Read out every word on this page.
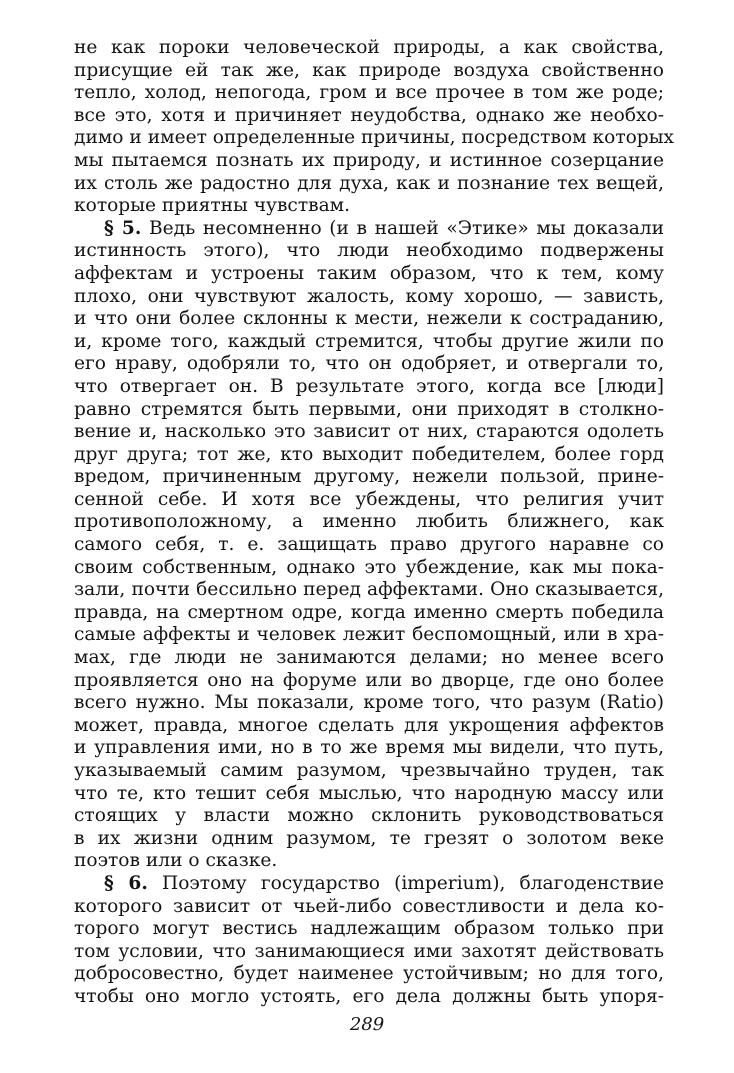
не как пороки человеческой природы, а как свойства,
присущие ей так же, как природе воздуха свойственно
тепло, холод, непогода, гром и все прочее в том же роде;
все это, хотя и причиняет неудобства, однако же необхо-
димо и имеет определенные причины, посредством которых
мы пытаемся познать их природу, и истинное созерцание
их столь же радостно для духа, как и познание тех вещей,
которые приятны чувствам.
§ 5. Ведь несомненно (и в нашей «Этике» мы доказали
истинность этого), что люди необходимо подвержены
аффектам и устроены таким образом, что к тем, кому
плохо, они чувствуют жалость, кому хорошо, — зависть,
и что они более склонны к мести, нежели к состраданию,
и, кроме того, каждый стремится, чтобы другие жили по
его нраву, одобряли то, что он одобряет, и отвергали то,
что отвергает он. В результате этого, когда все [люди]
равно стремятся быть первыми, они приходят в столкно-
вение и, насколько это зависит от них, стараются одолеть
друг друга; тот же, кто выходит победителем, более горд
вредом, причиненным другому, нежели пользой, прине-
сенной себе. И хотя все убеждены, что религия учит
противоположному, а именно любить ближнего, как
самого себя, т. е. защищать право другого наравне со
своим собственным, однако это убеждение, как мы пока-
зали, почти бессильно перед аффектами. Оно сказывается,
правда, на смертном одре, когда именно смерть победила
самые аффекты и человек лежит беспомощный, или в хра-
мах, где люди не занимаются делами; но менее всего
проявляется оно на форуме или во дворце, где оно более
всего нужно. Мы показали, кроме того, что разум (Ratio)
может, правда, многое сделать для укрощения аффектов
и управления ими, но в то же время мы видели, что путь,
указываемый самим разумом, чрезвычайно труден, так
что те, кто тешит себя мыслью, что народную массу или
стоящих у власти можно склонить руководствоваться
в их жизни одним разумом, те грезят о золотом веке
поэтов или о сказке.
§ 6. Поэтому государство (imperium), благоденствие
которого зависит от чьей-либо совестливости и дела ко-
торого могут вестись надлежащим образом только при
том условии, что занимающиеся ими захотят действовать
добросовестно, будет наименее устойчивым; но для того,
чтобы оно могло устоять, его дела должны быть упоря-
289
